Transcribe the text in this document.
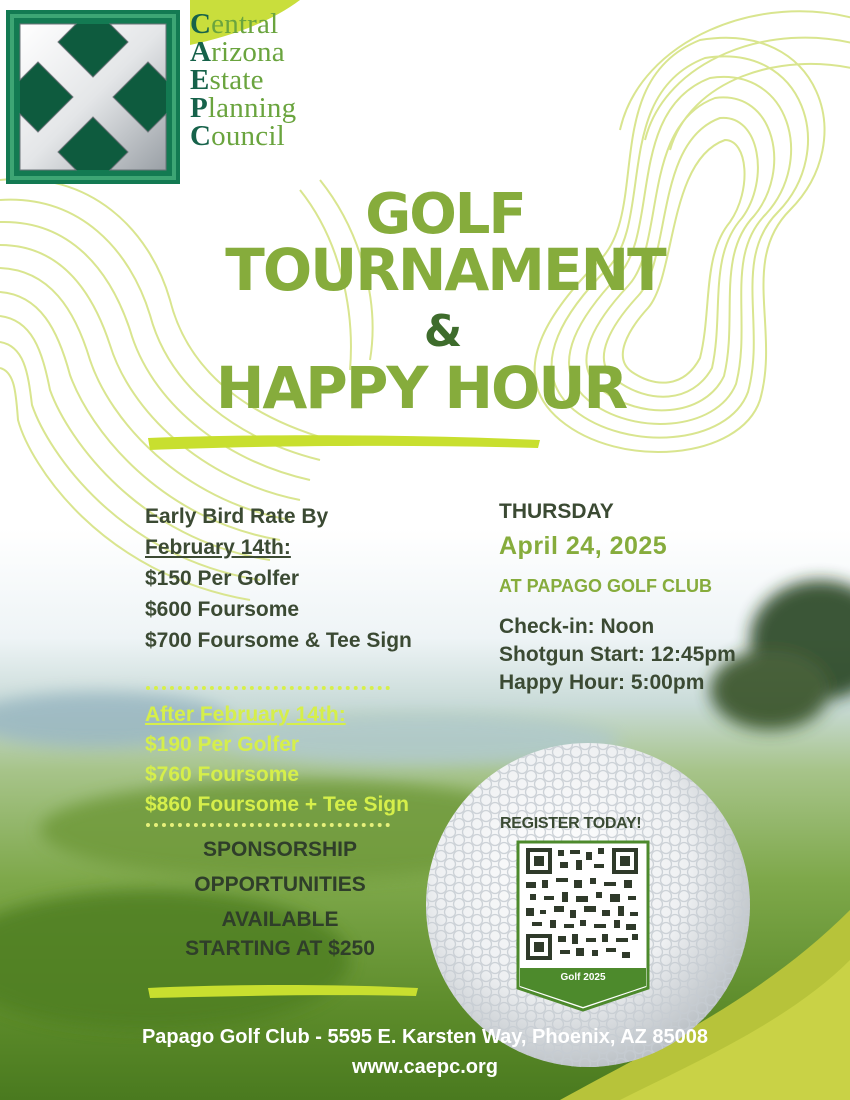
Central
Arizona
Estate
Planning
Council
GOLF
TOURNAMENT
&
HAPPY HOUR
Early Bird Rate By
February 14th:
$150 Per Golfer
$600 Foursome
$700 Foursome & Tee Sign
After February 14th:
$190 Per Golfer
$760 Foursome
$860 Foursome + Tee Sign
SPONSORSHIP
OPPORTUNITIES
AVAILABLE
STARTING AT $250
THURSDAY
April 24, 2025
AT PAPAGO GOLF CLUB
Check-in: Noon
Shotgun Start: 12:45pm
Happy Hour: 5:00pm
REGISTER TODAY!
Golf 2025
Papago Golf Club - 5595 E. Karsten Way, Phoenix, AZ 85008
www.caepc.org
